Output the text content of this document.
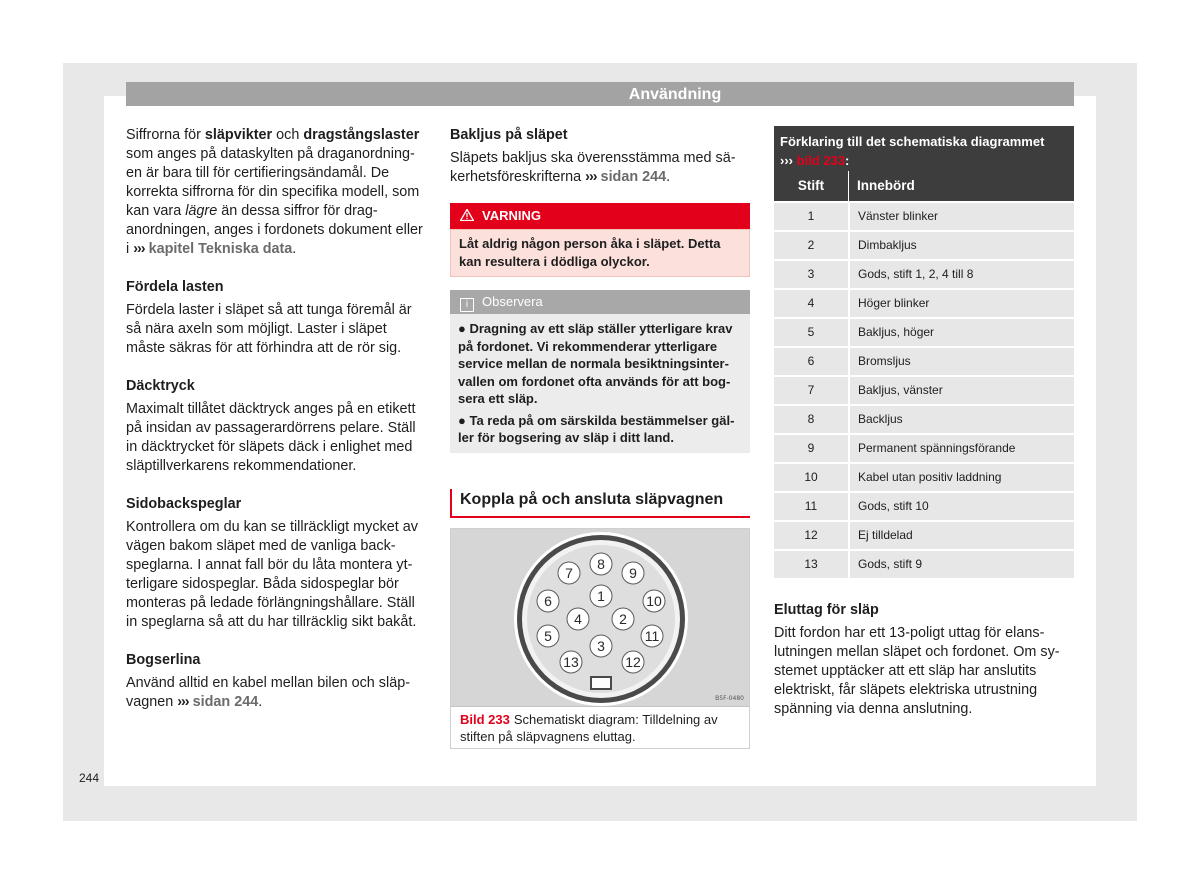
Användning

Siffrorna för släpvikter och dragstångslaster som anges på dataskylten på draganordningen är bara till för certifieringsändamål. De korrekta siffrorna för din specifika modell, som kan vara lägre än dessa siffror för draganordningen, anges i fordonets dokument eller i ››› kapitel Tekniska data.

Fördela lasten

Fördela laster i släpet så att tunga föremål är så nära axeln som möjligt. Laster i släpet måste säkras för att förhindra att de rör sig.

Däcktryck

Maximalt tillåtet däcktryck anges på en etikett på insidan av passagerardörrens pelare. Ställ in däcktrycket för släpets däck i enlighet med släptillverkarens rekommendationer.

Sidobackspeglar

Kontrollera om du kan se tillräckligt mycket av vägen bakom släpet med de vanliga backspeglarna. I annat fall bör du låta montera ytterligare sidospeglar. Båda sidospeglar bör monteras på ledade förlängningshållare. Ställ in speglarna så att du har tillräcklig sikt bakåt.

Bogserlina

Använd alltid en kabel mellan bilen och släpvagnen ››› sidan 244.

Bakljus på släpet

Släpets bakljus ska överensstämma med säkerhetsföreskrifterna ››› sidan 244.

VARNING
Låt aldrig någon person åka i släpet. Detta kan resultera i dödliga olyckor.
i Observera

● Dragning av ett släp ställer ytterligare krav på fordonet. Vi rekommenderar ytterligare service mellan de normala besiktningsintervallen om fordonet ofta används för att bogsera ett släp.

● Ta reda på om särskilda bestämmelser gäller för bogsering av släp i ditt land.

Koppla på och ansluta släpvagnen
1
2
3
4
5
6
7
8
9
10
11
12
13
B5F-0480
Bild 233 Schematiskt diagram: Tilldelning av stiften på släpvagnens eluttag.
Förklaring till det schematiska diagrammet
››› bild 233:
Stift	Innebörd
1	Vänster blinker
2	Dimbakljus
3	Gods, stift 1, 2, 4 till 8
4	Höger blinker
5	Bakljus, höger
6	Bromsljus
7	Bakljus, vänster
8	Backljus
9	Permanent spänningsförande
10	Kabel utan positiv laddning
11	Gods, stift 10
12	Ej tilldelad
13	Gods, stift 9

Eluttag för släp

Ditt fordon har ett 13-poligt uttag för elanslutningen mellan släpet och fordonet. Om systemet upptäcker att ett släp har anslutits elektriskt, får släpets elektriska utrustning spänning via denna anslutning.

244
